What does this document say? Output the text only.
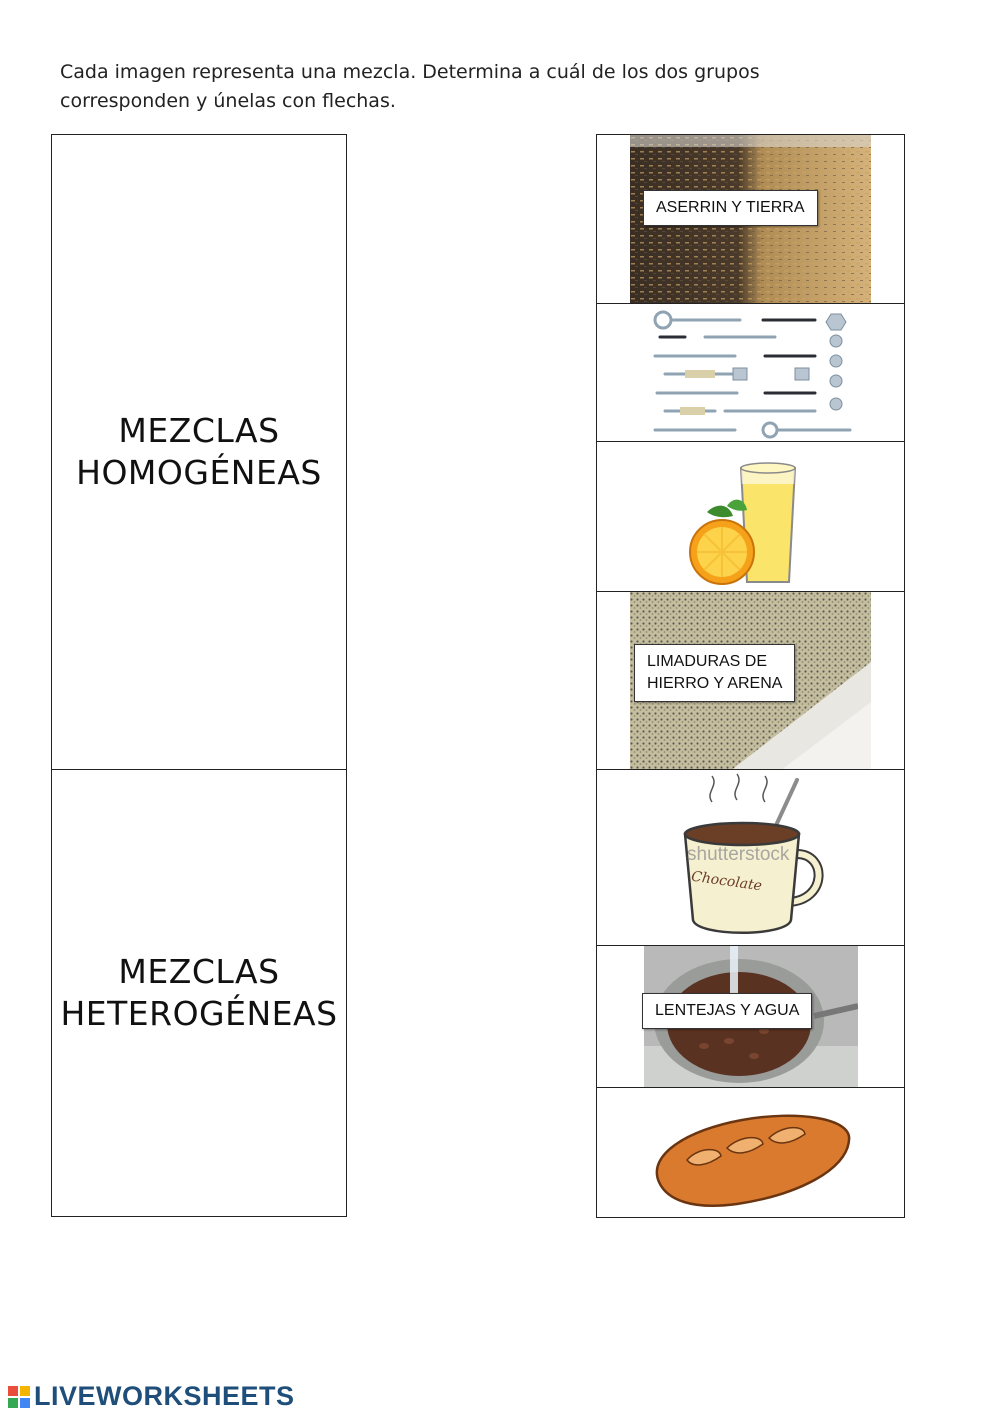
Cada imagen representa una mezcla. Determina a cuál de los dos grupos corresponden y únelas con flechas.
MEZCLAS
HOMOGÉNEAS
MEZCLAS
HETEROGÉNEAS
ASERRIN Y TIERRA
LIMADURAS DE
HIERRO Y ARENA
shutterstock
Chocolate
LENTEJAS Y AGUA
LIVEWORKSHEETS
